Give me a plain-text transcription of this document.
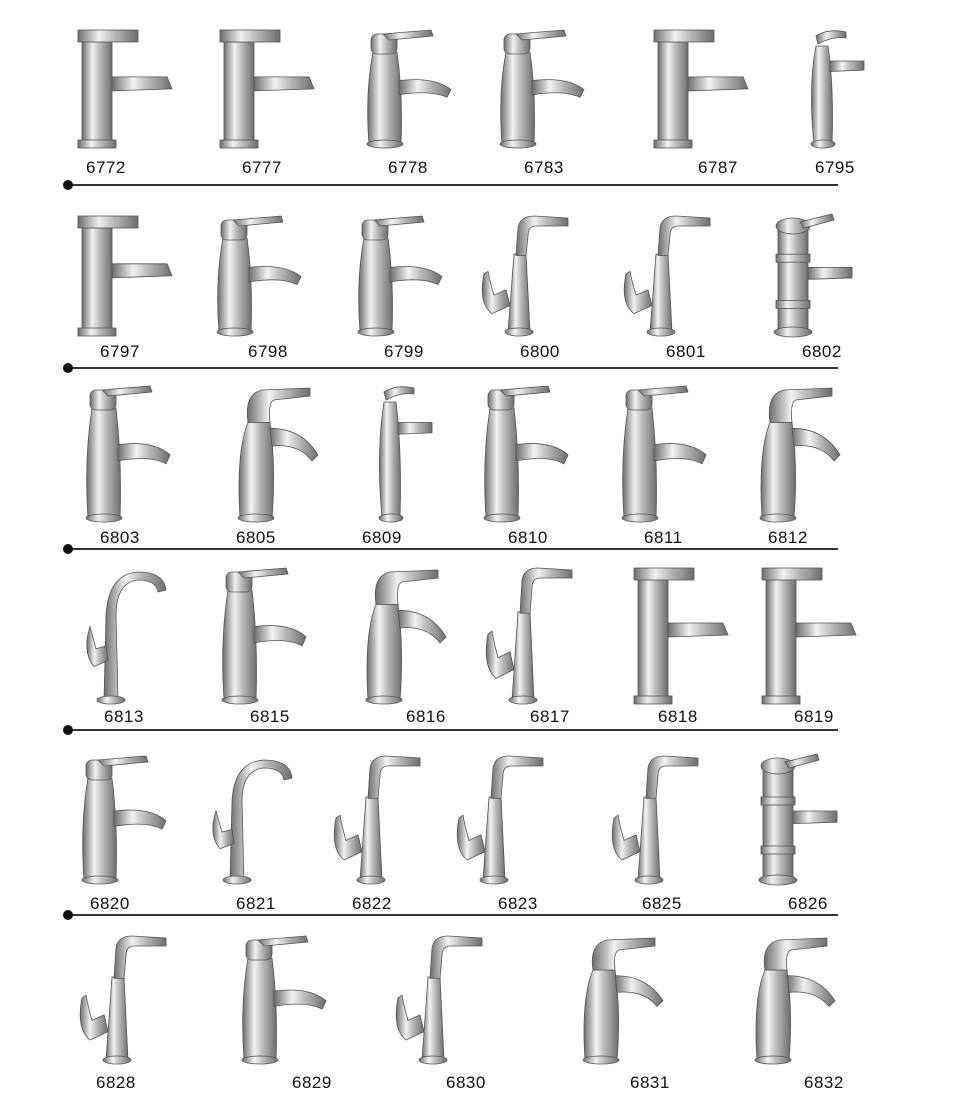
6772	6777	6778	6783	6787	6795
6797	6798	6799	6800	6801	6802
6803	6805	6809	6810	6811	6812
6813	6815	6816	6817	6818	6819
6820	6821	6822	6823	6825	6826
6828	6829	6830	6831	6832
